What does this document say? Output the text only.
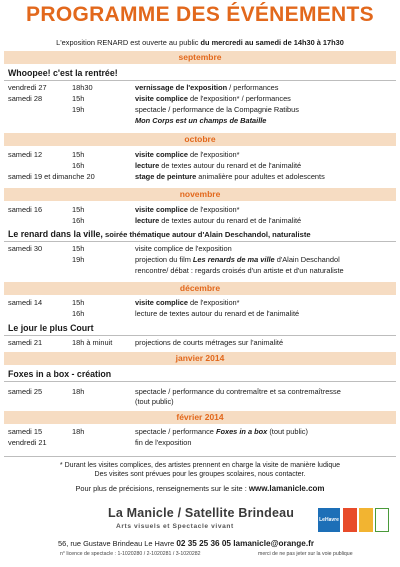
PROGRAMME DES ÉVÉNEMENTS
L'exposition RENARD est ouverte au public du mercredi au samedi de 14h30 à 17h30
septembre
Whoopee! c'est la rentrée!
vendredi 27	18h30	vernissage de l'exposition / performances
samedi 28	15h	visite complice de l'exposition* / performances
19h	spectacle / performance de la Compagnie Ratibus
Mon Corps est un champs de Bataille
octobre
samedi 12	15h	visite complice de l'exposition*
16h	lecture de textes autour du renard et de l'animalité
samedi 19 et dimanche 20	stage de peinture animalière pour adultes et adolescents
novembre
samedi 16	15h	visite complice de l'exposition*
16h	lecture de textes autour du renard et de l'animalité
Le renard dans la ville, soirée thématique autour d'Alain Deschandol, naturaliste
samedi 30	15h	visite complice de l'exposition
19h	projection du film Les renards de ma ville d'Alain Deschandol
rencontre/ débat : regards croisés d'un artiste et d'un naturaliste
décembre
samedi 14	15h	visite complice de l'exposition*
16h	lecture de textes autour du renard et de l'animalité
Le jour le plus Court
samedi 21	18h à minuit	projections de courts métrages sur l'animalité
janvier 2014
Foxes in a box - création
samedi 25	18h	spectacle / performance du contremaître et sa contremaîtresse
(tout public)
février 2014
samedi 15	18h	spectacle / performance Foxes in a box (tout public)
vendredi 21	fin de l'exposition
* Durant les visites complices, des artistes prennent en charge la visite de manière ludique
Des visites sont prévues pour les groupes scolaires, nous contacter.
Pour plus de précisions, renseignements sur le site : www.lamanicle.com
La Manicle / Satellite Brindeau
Arts visuels et Spectacle vivant
LeHavre
56, rue Gustave Brindeau Le Havre 02 35 25 36 05 lamanicle@orange.fr
n° licence de spectacle : 1-1020280 / 2-1020281 / 3-1020282	merci de ne pas jeter sur la voie publique
